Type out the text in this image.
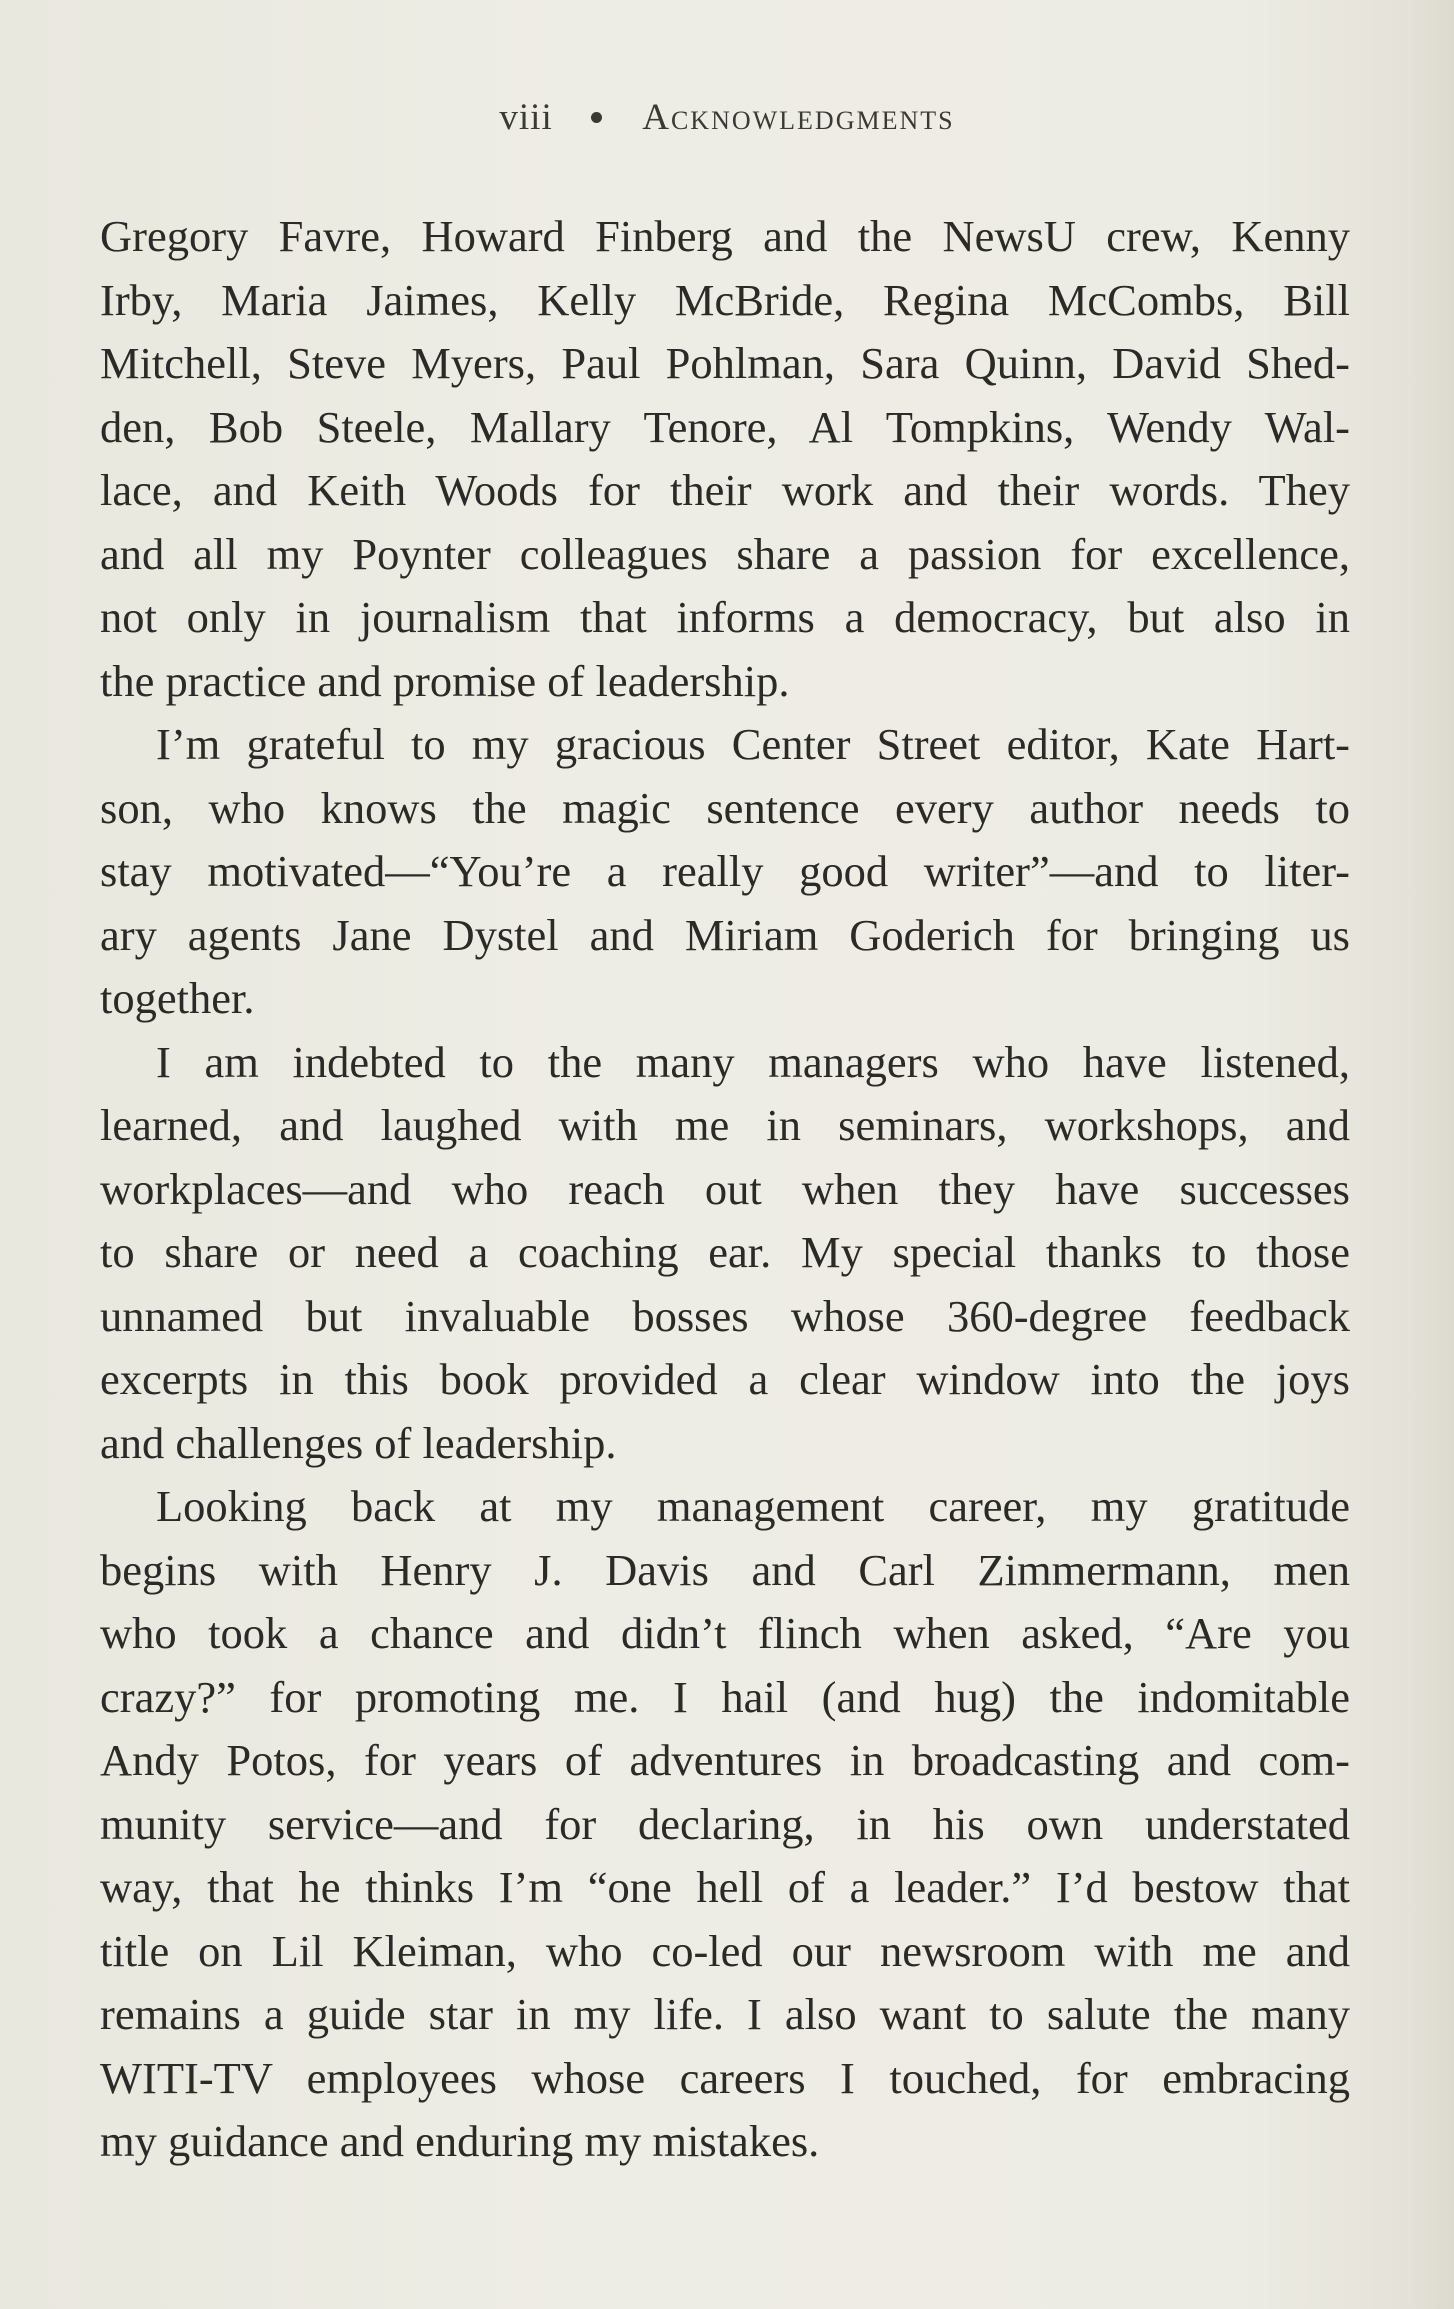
viii Acknowledgments
Gregory Favre, Howard Finberg and the NewsU crew, Kenny
Irby, Maria Jaimes, Kelly McBride, Regina McCombs, Bill
Mitchell, Steve Myers, Paul Pohlman, Sara Quinn, David Shed-
den, Bob Steele, Mallary Tenore, Al Tompkins, Wendy Wal-
lace, and Keith Woods for their work and their words. They
and all my Poynter colleagues share a passion for excellence,
not only in journalism that informs a democracy, but also in
the practice and promise of leadership.
I’m grateful to my gracious Center Street editor, Kate Hart-
son, who knows the magic sentence every author needs to
stay motivated—“You’re a really good writer”—and to liter-
ary agents Jane Dystel and Miriam Goderich for bringing us
together.
I am indebted to the many managers who have listened,
learned, and laughed with me in seminars, workshops, and
workplaces—and who reach out when they have successes
to share or need a coaching ear. My special thanks to those
unnamed but invaluable bosses whose 360-degree feedback
excerpts in this book provided a clear window into the joys
and challenges of leadership.
Looking back at my management career, my gratitude
begins with Henry J. Davis and Carl Zimmermann, men
who took a chance and didn’t flinch when asked, “Are you
crazy?” for promoting me. I hail (and hug) the indomitable
Andy Potos, for years of adventures in broadcasting and com-
munity service—and for declaring, in his own understated
way, that he thinks I’m “one hell of a leader.” I’d bestow that
title on Lil Kleiman, who co-led our newsroom with me and
remains a guide star in my life. I also want to salute the many
WITI-TV employees whose careers I touched, for embracing
my guidance and enduring my mistakes.
